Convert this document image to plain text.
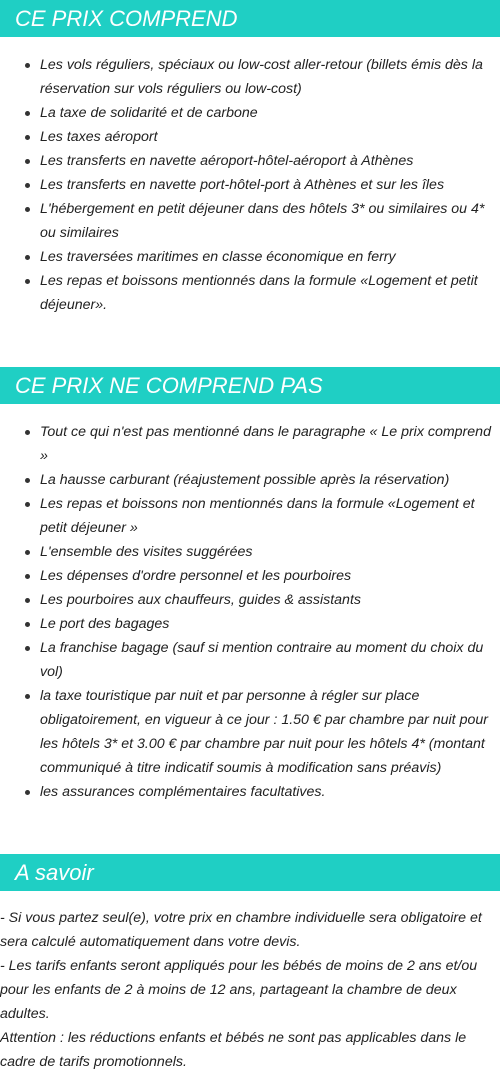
CE PRIX COMPREND
Les vols réguliers, spéciaux ou low-cost aller-retour (billets émis dès la réservation sur vols réguliers ou low-cost)
La taxe de solidarité et de carbone
Les taxes aéroport
Les transferts en navette aéroport-hôtel-aéroport à Athènes
Les transferts en navette port-hôtel-port à Athènes et sur les îles
L'hébergement en petit déjeuner dans des hôtels 3* ou similaires ou 4* ou similaires
Les traversées maritimes en classe économique en ferry
Les repas et boissons mentionnés dans la formule «Logement et petit déjeuner».
CE PRIX NE COMPREND PAS
Tout ce qui n'est pas mentionné dans le paragraphe « Le prix comprend »
La hausse carburant (réajustement possible après la réservation)
Les repas et boissons non mentionnés dans la formule «Logement et petit déjeuner »
L'ensemble des visites suggérées
Les dépenses d'ordre personnel et les pourboires
Les pourboires aux chauffeurs, guides & assistants
Le port des bagages
La franchise bagage (sauf si mention contraire au moment du choix du vol)
la taxe touristique par nuit et par personne à régler sur place obligatoirement, en vigueur à ce jour : 1.50 € par chambre par nuit pour les hôtels 3* et 3.00 € par chambre par nuit pour les hôtels 4* (montant communiqué à titre indicatif soumis à modification sans préavis)
les assurances complémentaires facultatives.
A savoir

- Si vous partez seul(e), votre prix en chambre individuelle sera obligatoire et sera calculé automatiquement dans votre devis.

- Les tarifs enfants seront appliqués pour les bébés de moins de 2 ans et/ou pour les enfants de 2 à moins de 12 ans, partageant la chambre de deux adultes.

Attention : les réductions enfants et bébés ne sont pas applicables dans le cadre de tarifs promotionnels.
